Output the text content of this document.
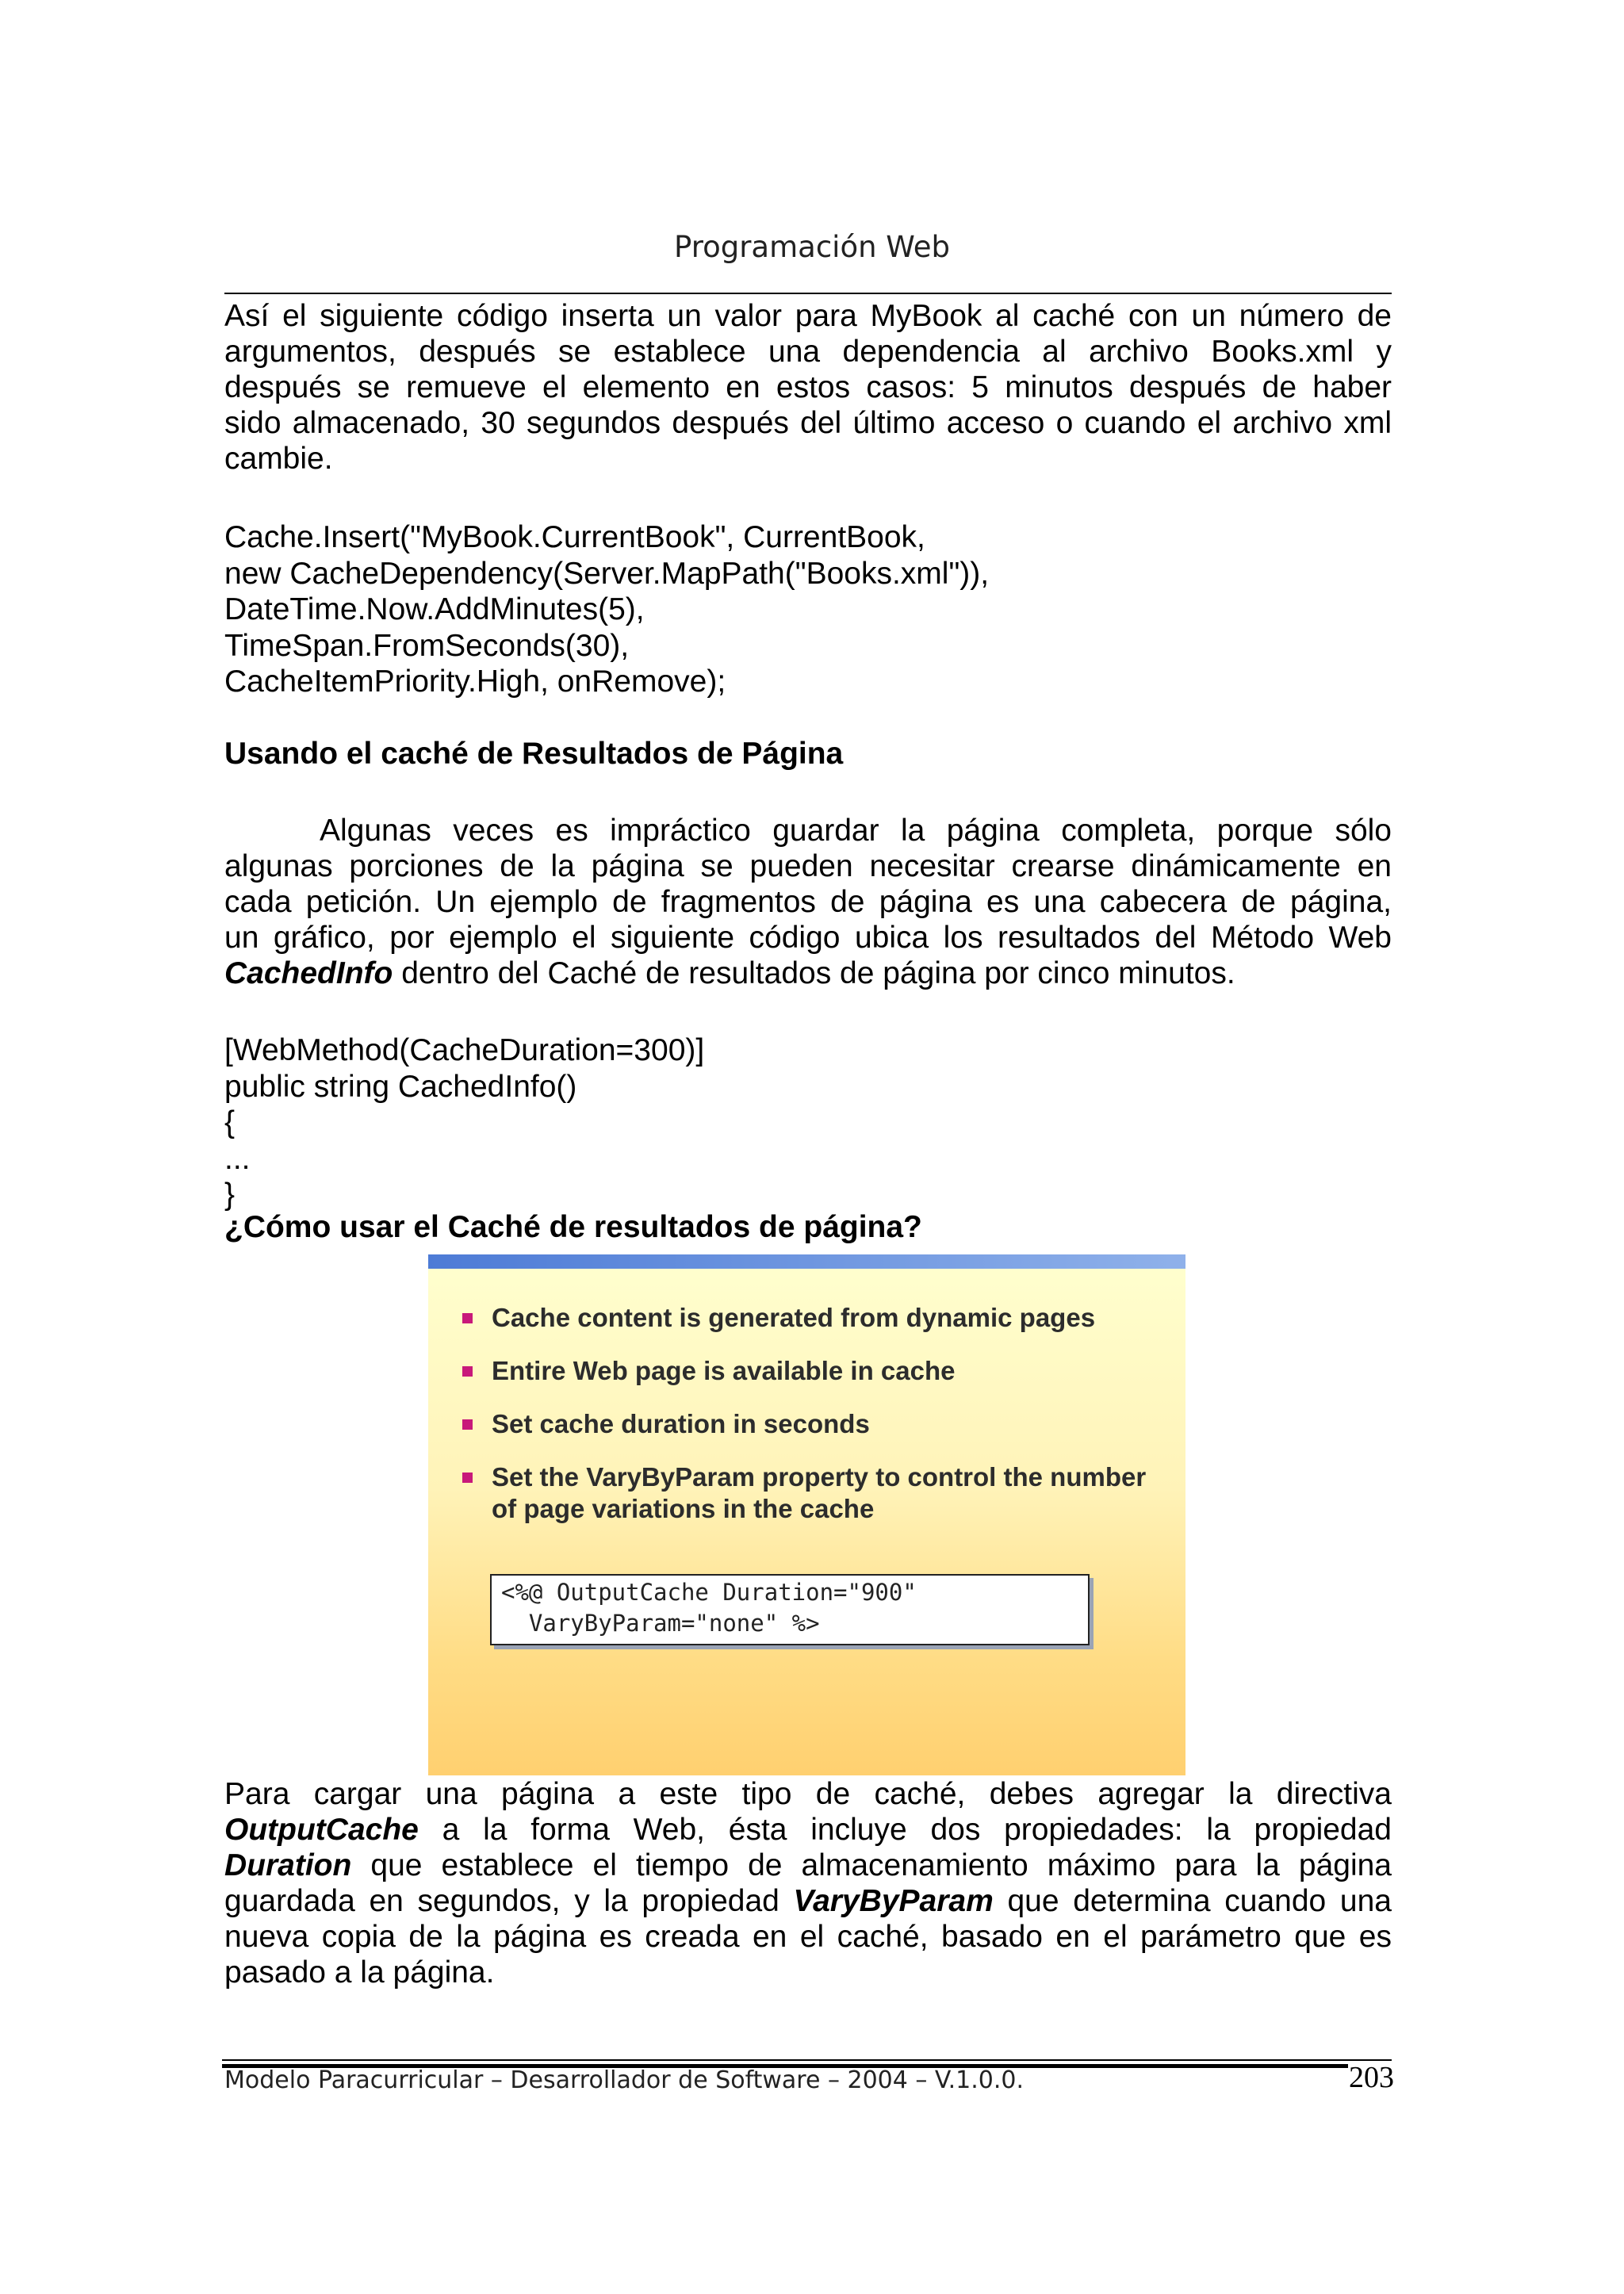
Programación Web
Así el siguiente código inserta un valor para MyBook al caché con un número de
argumentos, después se establece una dependencia al archivo Books.xml y
después se remueve el elemento en estos casos: 5 minutos después de haber
sido almacenado, 30 segundos después del último acceso o cuando el archivo xml
cambie.
Cache.Insert("MyBook.CurrentBook", CurrentBook,
new CacheDependency(Server.MapPath("Books.xml")),
DateTime.Now.AddMinutes(5),
TimeSpan.FromSeconds(30),
CacheItemPriority.High, onRemove);
Usando el caché de Resultados de Página
Algunas veces es impráctico guardar la página completa, porque sólo
algunas porciones de la página se pueden necesitar crearse dinámicamente en
cada petición. Un ejemplo de fragmentos de página es una cabecera de página,
un gráfico, por ejemplo el siguiente código ubica los resultados del Método Web
CachedInfo dentro del Caché de resultados de página por cinco minutos.
[WebMethod(CacheDuration=300)]
public string CachedInfo()
{
...
}
¿Cómo usar el Caché de resultados de página?
Cache content is generated from dynamic pages
Entire Web page is available in cache
Set cache duration in seconds
Set the VaryByParam property to control the number of page variations in the cache
<%@ OutputCache Duration="900"
VaryByParam="none" %>
Para cargar una página a este tipo de caché, debes agregar la directiva
OutputCache a la forma Web, ésta incluye dos propiedades: la propiedad
Duration que establece el tiempo de almacenamiento máximo para la página
guardada en segundos, y la propiedad VaryByParam que determina cuando una
nueva copia de la página es creada en el caché, basado en el parámetro que es
pasado a la página.
Modelo Paracurricular – Desarrollador de Software – 2004 – V.1.0.0.	203
